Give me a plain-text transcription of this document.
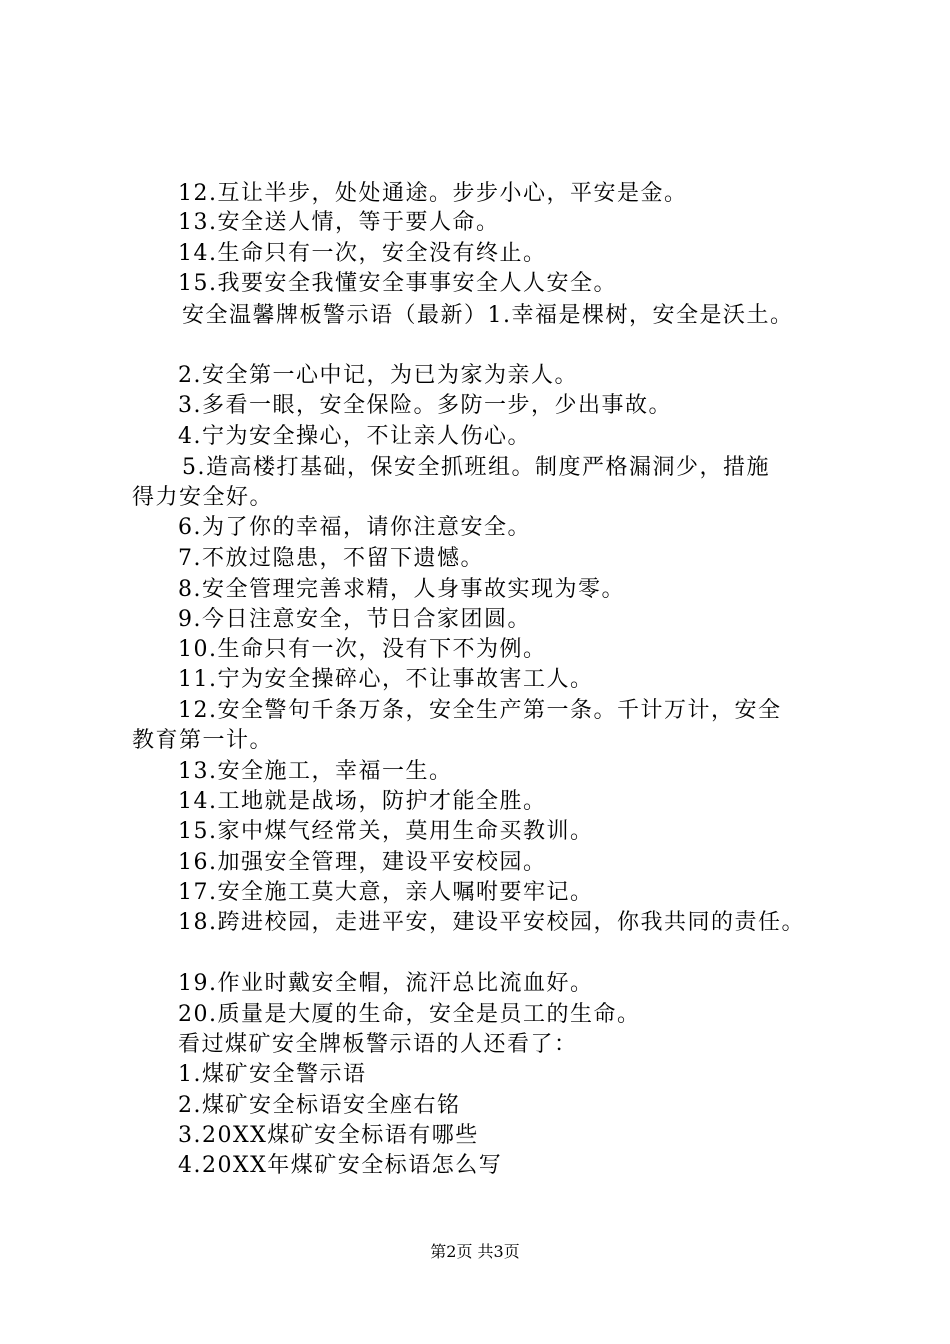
12.互让半步，处处通途。步步小心，平安是金。
13.安全送人情，等于要人命。
14.生命只有一次，安全没有终止。
15.我要安全我懂安全事事安全人人安全。
安全温馨牌板警示语（最新）1.幸福是棵树，安全是沃土。
2.安全第一心中记，为已为家为亲人。
3.多看一眼，安全保险。多防一步，少出事故。
4.宁为安全操心，不让亲人伤心。
5.造高楼打基础，保安全抓班组。制度严格漏洞少，措施
得力安全好。
6.为了你的幸福，请你注意安全。
7.不放过隐患，不留下遗憾。
8.安全管理完善求精，人身事故实现为零。
9.今日注意安全，节日合家团圆。
10.生命只有一次，没有下不为例。
11.宁为安全操碎心，不让事故害工人。
12.安全警句千条万条，安全生产第一条。千计万计，安全
教育第一计。
13.安全施工，幸福一生。
14.工地就是战场，防护才能全胜。
15.家中煤气经常关，莫用生命买教训。
16.加强安全管理，建设平安校园。
17.安全施工莫大意，亲人嘱咐要牢记。
18.跨进校园，走进平安，建设平安校园，你我共同的责任。
19.作业时戴安全帽，流汗总比流血好。
20.质量是大厦的生命，安全是员工的生命。
看过煤矿安全牌板警示语的人还看了：
1.煤矿安全警示语
2.煤矿安全标语安全座右铭
3.20XX煤矿安全标语有哪些
4.20XX年煤矿安全标语怎么写
第2页 共3页
